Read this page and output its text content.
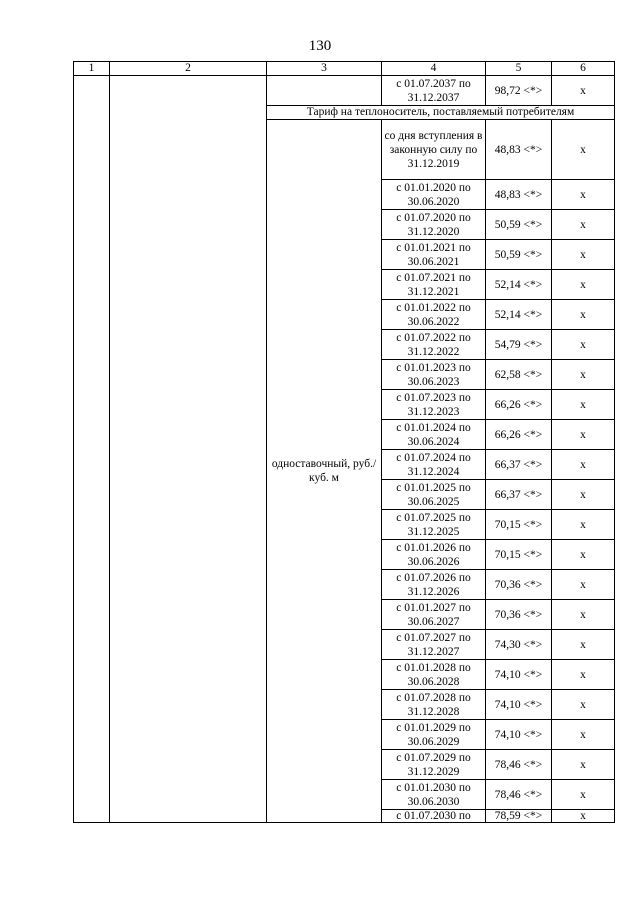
130
1	2	3	4	5	6
			с 01.07.2037 по 31.12.2037	98,72 <*>	х
		Тариф на теплоноситель, поставляемый потребителям			
		одноставочный, руб./куб. м	со дня вступления в законную силу по 31.12.2019	48,83 <*>	х
			с 01.01.2020 по 30.06.2020	48,83 <*>	х
			с 01.07.2020 по 31.12.2020	50,59 <*>	х
			с 01.01.2021 по 30.06.2021	50,59 <*>	х
			с 01.07.2021 по 31.12.2021	52,14 <*>	х
			с 01.01.2022 по 30.06.2022	52,14 <*>	х
			с 01.07.2022 по 31.12.2022	54,79 <*>	х
			с 01.01.2023 по 30.06.2023	62,58 <*>	х
			с 01.07.2023 по 31.12.2023	66,26 <*>	х
			с 01.01.2024 по 30.06.2024	66,26 <*>	х
			с 01.07.2024 по 31.12.2024	66,37 <*>	х
			с 01.01.2025 по 30.06.2025	66,37 <*>	х
			с 01.07.2025 по 31.12.2025	70,15 <*>	х
			с 01.01.2026 по 30.06.2026	70,15 <*>	х
			с 01.07.2026 по 31.12.2026	70,36 <*>	х
			с 01.01.2027 по 30.06.2027	70,36 <*>	х
			с 01.07.2027 по 31.12.2027	74,30 <*>	х
			с 01.01.2028 по 30.06.2028	74,10 <*>	х
			с 01.07.2028 по 31.12.2028	74,10 <*>	х
			с 01.01.2029 по 30.06.2029	74,10 <*>	х
			с 01.07.2029 по 31.12.2029	78,46 <*>	х
			с 01.01.2030 по 30.06.2030	78,46 <*>	х
			с 01.07.2030 по	78,59 <*>	х
